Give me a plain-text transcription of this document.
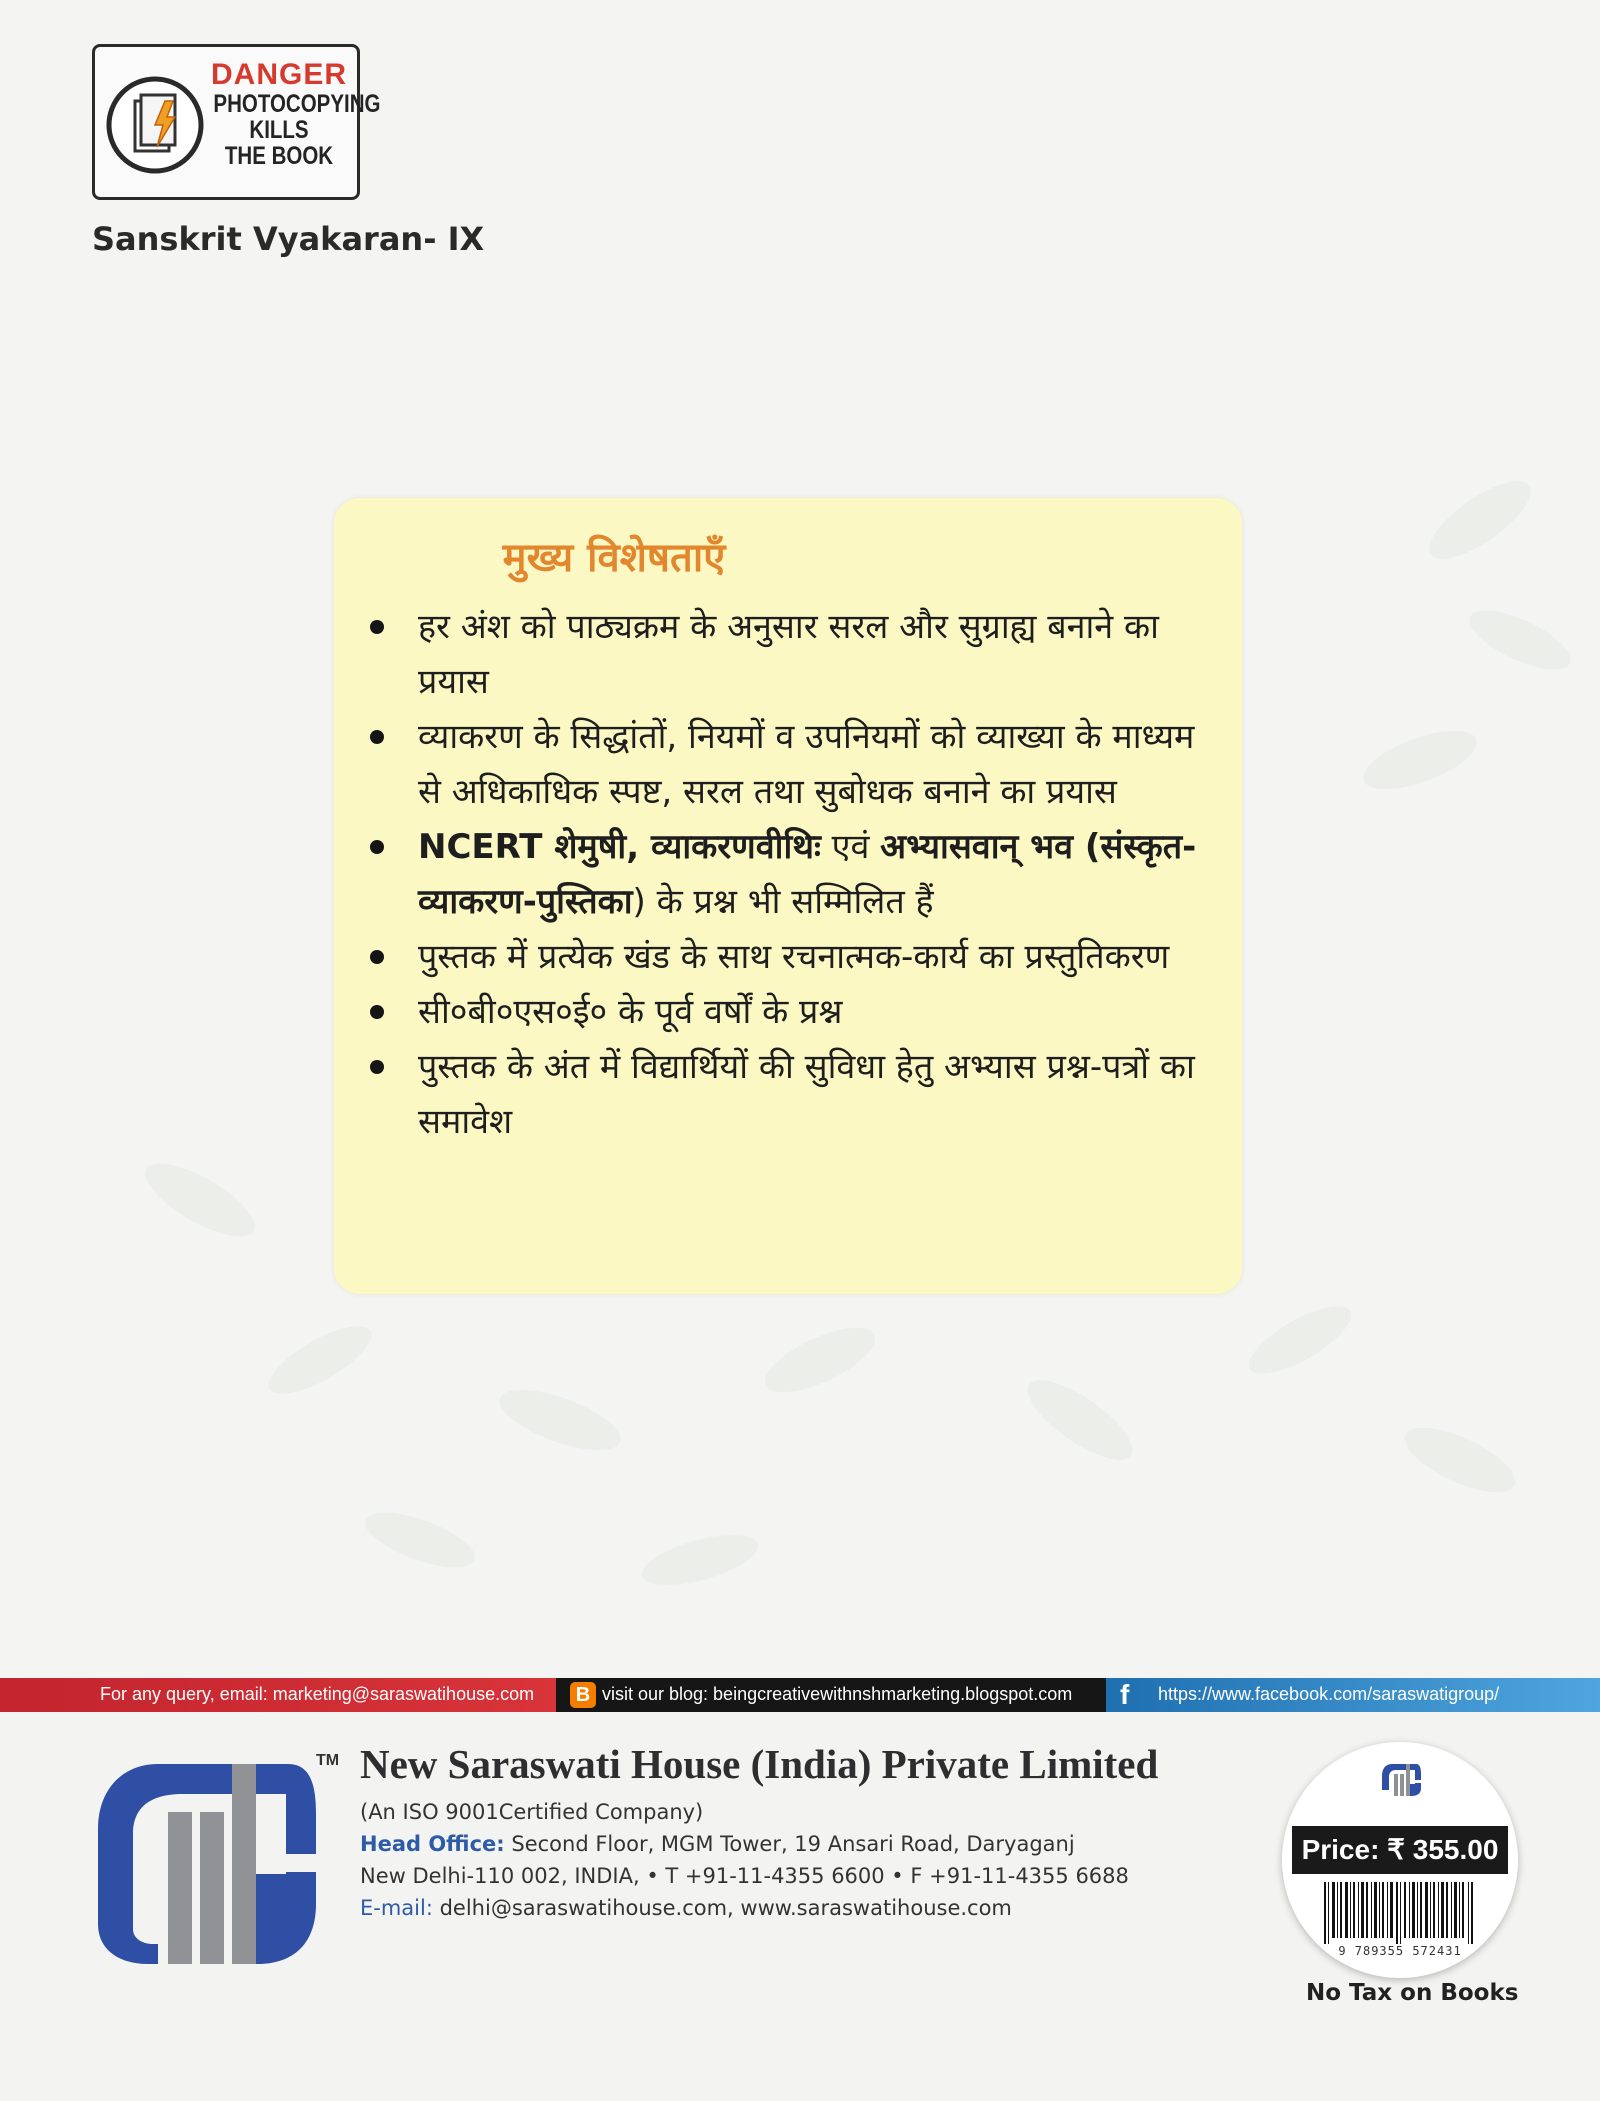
DANGER
PHOTOCOPYING
KILLS
THE BOOK
Sanskrit Vyakaran- IX
मुख्य विशेषताएँ
हर अंश को पाठ्यक्रम के अनुसार सरल और सुग्राह्य बनाने का प्रयास
व्याकरण के सिद्धांतों, नियमों व उपनियमों को व्याख्या के माध्यम से अधिकाधिक स्पष्ट, सरल तथा सुबोधक बनाने का प्रयास
NCERT शेमुषी, व्याकरणवीथिः एवं अभ्यासवान् भव (संस्कृत-व्याकरण-पुस्तिका) के प्रश्न भी सम्मिलित हैं
पुस्तक में प्रत्येक खंड के साथ रचनात्मक-कार्य का प्रस्तुतिकरण
सी०बी०एस०ई० के पूर्व वर्षों के प्रश्न
पुस्तक के अंत में विद्यार्थियों की सुविधा हेतु अभ्यास प्रश्न-पत्रों का समावेश
For any query, email: marketing@saraswatihouse.com B visit our blog: beingcreativewithnshmarketing.blogspot.com f	https://www.facebook.com/saraswatigroup/
TM New Saraswati House (India) Private Limited
(An ISO 9001Certified Company)
Head Office: Second Floor, MGM Tower, 19 Ansari Road, Daryaganj
New Delhi-110 002, INDIA, • T +91-11-4355 6600 • F +91-11-4355 6688
E-mail: delhi@saraswatihouse.com, www.saraswatihouse.com
Price: ₹ 355.00
9 789355 572431
No Tax on Books
